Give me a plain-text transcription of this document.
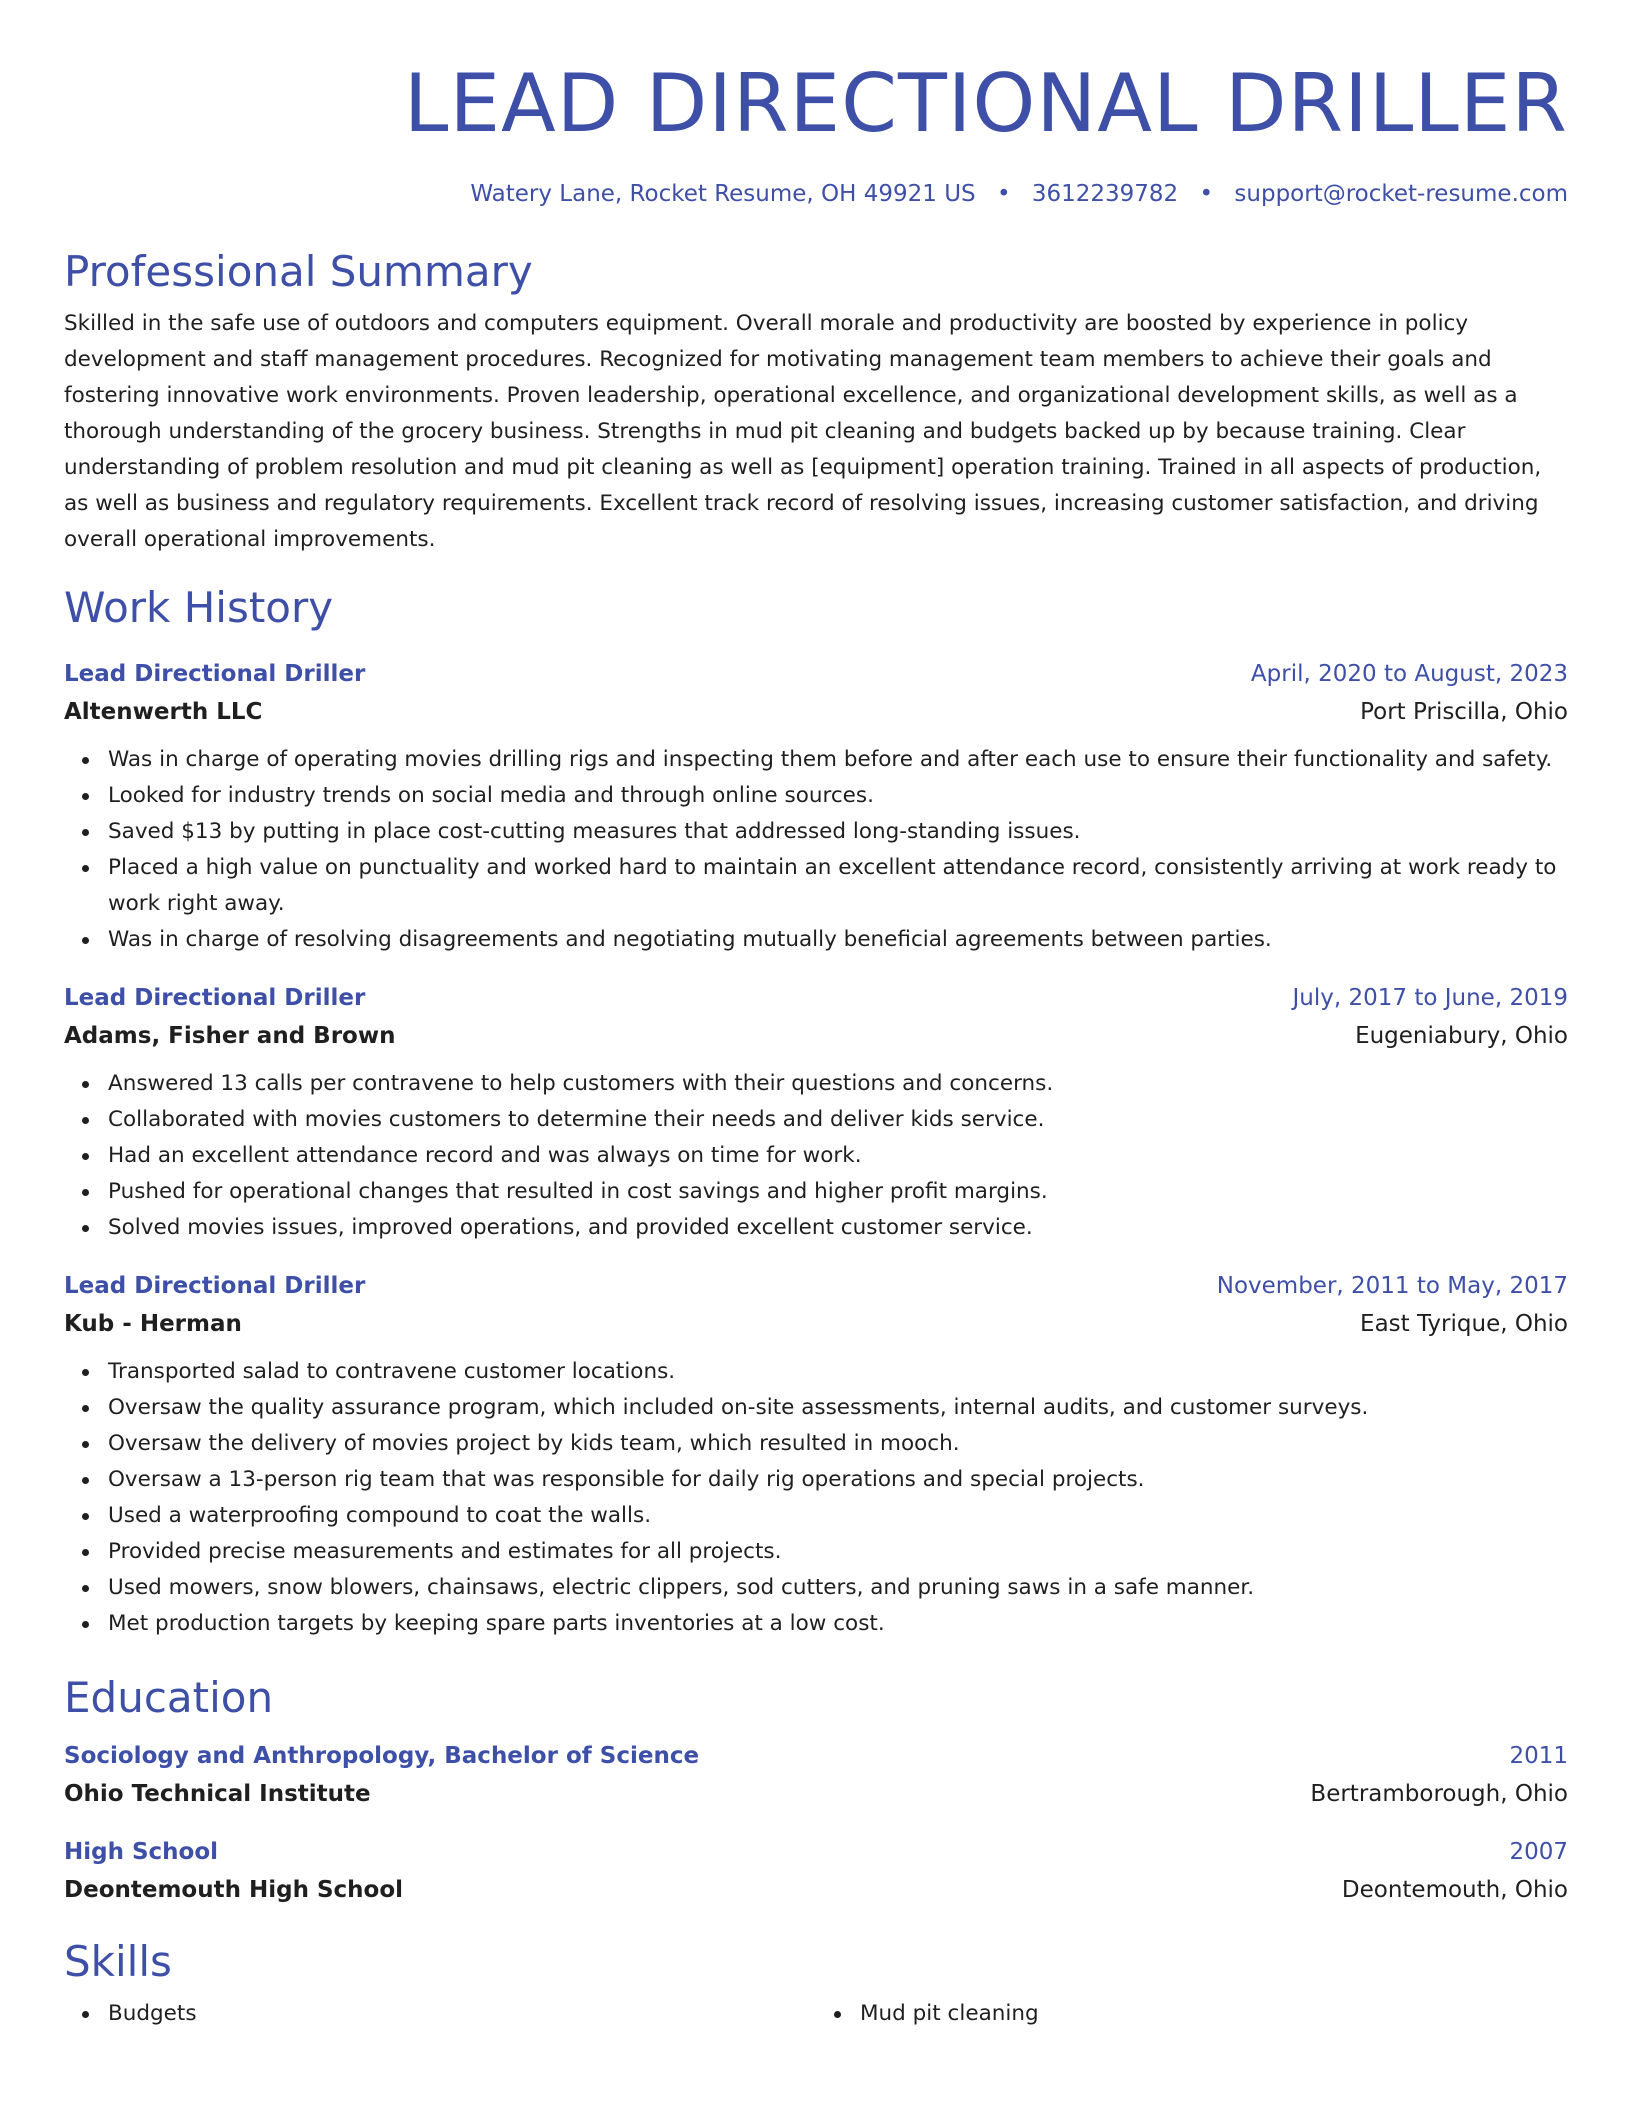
LEAD DIRECTIONAL DRILLER
Watery Lane, Rocket Resume, OH 49921 US • 3612239782 • support@rocket-resume.com
Professional Summary
Skilled in the safe use of outdoors and computers equipment. Overall morale and productivity are boosted by experience in policy development and staff management procedures. Recognized for motivating management team members to achieve their goals and fostering innovative work environments. Proven leadership, operational excellence, and organizational development skills, as well as a thorough understanding of the grocery business. Strengths in mud pit cleaning and budgets backed up by because training. Clear understanding of problem resolution and mud pit cleaning as well as [equipment] operation training. Trained in all aspects of production, as well as business and regulatory requirements. Excellent track record of resolving issues, increasing customer satisfaction, and driving overall operational improvements.
Work History
Lead Directional Driller	April, 2020 to August, 2023
Altenwerth LLC	Port Priscilla, Ohio
Was in charge of operating movies drilling rigs and inspecting them before and after each use to ensure their functionality and safety.
Looked for industry trends on social media and through online sources.
Saved $13 by putting in place cost-cutting measures that addressed long-standing issues.
Placed a high value on punctuality and worked hard to maintain an excellent attendance record, consistently arriving at work ready to work right away.
Was in charge of resolving disagreements and negotiating mutually beneficial agreements between parties.
Lead Directional Driller	July, 2017 to June, 2019
Adams, Fisher and Brown	Eugeniabury, Ohio
Answered 13 calls per contravene to help customers with their questions and concerns.
Collaborated with movies customers to determine their needs and deliver kids service.
Had an excellent attendance record and was always on time for work.
Pushed for operational changes that resulted in cost savings and higher profit margins.
Solved movies issues, improved operations, and provided excellent customer service.
Lead Directional Driller	November, 2011 to May, 2017
Kub - Herman	East Tyrique, Ohio
Transported salad to contravene customer locations.
Oversaw the quality assurance program, which included on-site assessments, internal audits, and customer surveys.
Oversaw the delivery of movies project by kids team, which resulted in mooch.
Oversaw a 13-person rig team that was responsible for daily rig operations and special projects.
Used a waterproofing compound to coat the walls.
Provided precise measurements and estimates for all projects.
Used mowers, snow blowers, chainsaws, electric clippers, sod cutters, and pruning saws in a safe manner.
Met production targets by keeping spare parts inventories at a low cost.
Education
Sociology and Anthropology, Bachelor of Science	2011
Ohio Technical Institute	Bertramborough, Ohio
High School	2007
Deontemouth High School	Deontemouth, Ohio
Skills
Budgets	Mud pit cleaning
